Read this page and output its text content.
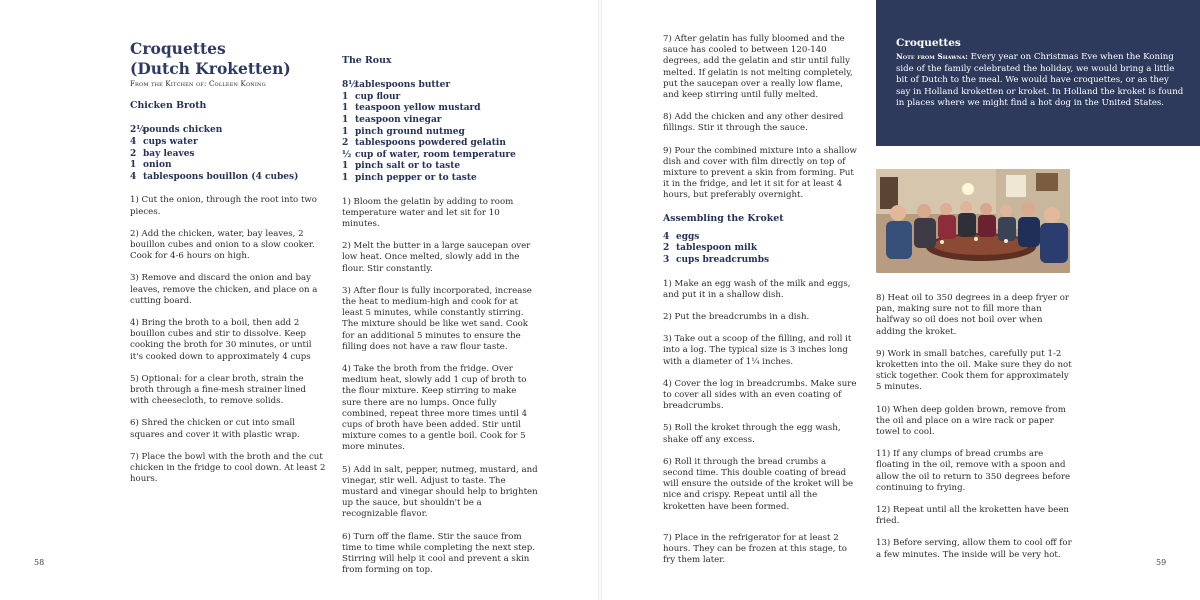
Croquettes
(Dutch Kroketten)
From the Kitchen of: Colleen Koning
Chicken Broth
2¼
pounds chicken
4 cups water
2 bay leaves
1 onion
4 tablespoons bouillon (4 cubes)

1) Cut the onion, through the root into two pieces.

2) Add the chicken, water, bay leaves, 2 bouillon cubes and onion to a slow cooker. Cook for 4-6 hours on high.

3) Remove and discard the onion and bay leaves, remove the chicken, and place on a cutting board.

4) Bring the broth to a boil, then add 2 bouillon cubes and stir to dissolve. Keep cooking the broth for 30 minutes, or until it's cooked down to approximately 4 cups

5) Optional: for a clear broth, strain the broth through a fine-mesh strainer lined with cheesecloth, to remove solids.

6) Shred the chicken or cut into small squares and cover it with plastic wrap.

7) Place the bowl with the broth and the cut chicken in the fridge to cool down. At least 2 hours.

The Roux
8½
tablespoons butter
1 cup flour
1 teaspoon yellow mustard
1 teaspoon vinegar
1 pinch ground nutmeg
2 tablespoons powdered gelatin
½ cup of water, room temperature
1 pinch salt or to taste
1 pinch pepper or to taste

1) Bloom the gelatin by adding to room temperature water and let sit for 10 minutes.

2) Melt the butter in a large saucepan over low heat. Once melted, slowly add in the flour. Stir constantly.

3) After flour is fully incorporated, increase the heat to medium-high and cook for at least 5 minutes, while constantly stirring. The mixture should be like wet sand. Cook for an additional 5 minutes to ensure the filling does not have a raw flour taste.

4) Take the broth from the fridge. Over medium heat, slowly add 1 cup of broth to the flour mixture. Keep stirring to make sure there are no lumps. Once fully combined, repeat three more times until 4 cups of broth have been added. Stir until mixture comes to a gentle boil. Cook for 5 more minutes.

5) Add in salt, pepper, nutmeg, mustard, and vinegar, stir well. Adjust to taste. The mustard and vinegar should help to brighten up the sauce, but shouldn't be a recognizable flavor.

6) Turn off the flame. Stir the sauce from time to time while completing the next step. Stirring will help it cool and prevent a skin from forming on top.

58

7) After gelatin has fully bloomed and the sauce has cooled to between 120-140 degrees, add the gelatin and stir until fully melted. If gelatin is not melting completely, put the saucepan over a really low flame, and keep stirring until fully melted.

8) Add the chicken and any other desired fillings. Stir it through the sauce.

9) Pour the combined mixture into a shallow dish and cover with film directly on top of mixture to prevent a skin from forming. Put it in the fridge, and let it sit for at least 4 hours, but preferably overnight.

Assembling the Kroket
4 eggs
2 tablespoon milk
3 cups breadcrumbs

1) Make an egg wash of the milk and eggs, and put it in a shallow dish.

2) Put the breadcrumbs in a dish.

3) Take out a scoop of the filling, and roll it into a log. The typical size is 3 inches long with a diameter of 1¼ inches.

4) Cover the log in breadcrumbs. Make sure to cover all sides with an even coating of breadcrumbs.

5) Roll the kroket through the egg wash, shake off any excess.

6) Roll it through the bread crumbs a second time. This double coating of bread will ensure the outside of the kroket will be nice and crispy. Repeat until all the kroketten have been formed.

7) Place in the refrigerator for at least 2 hours. They can be frozen at this stage, to fry them later.

Croquettes
Note from Shawna: Every year on Christmas Eve when the Koning side of the family celebrated the holiday, we would bring a little bit of Dutch to the meal. We would have croquettes, or as they say in Holland kroketten or kroket. In Holland the kroket is found in places where we might find a hot dog in the United States.

8) Heat oil to 350 degrees in a deep fryer or pan, making sure not to fill more than halfway so oil does not boil over when adding the kroket.

9) Work in small batches, carefully put 1-2 kroketten into the oil. Make sure they do not stick together. Cook them for approximately 5 minutes.

10) When deep golden brown, remove from the oil and place on a wire rack or paper towel to cool.

11) If any clumps of bread crumbs are floating in the oil, remove with a spoon and allow the oil to return to 350 degrees before continuing to frying.

12) Repeat until all the kroketten have been fried.

13) Before serving, allow them to cool off for a few minutes. The inside will be very hot.

59
